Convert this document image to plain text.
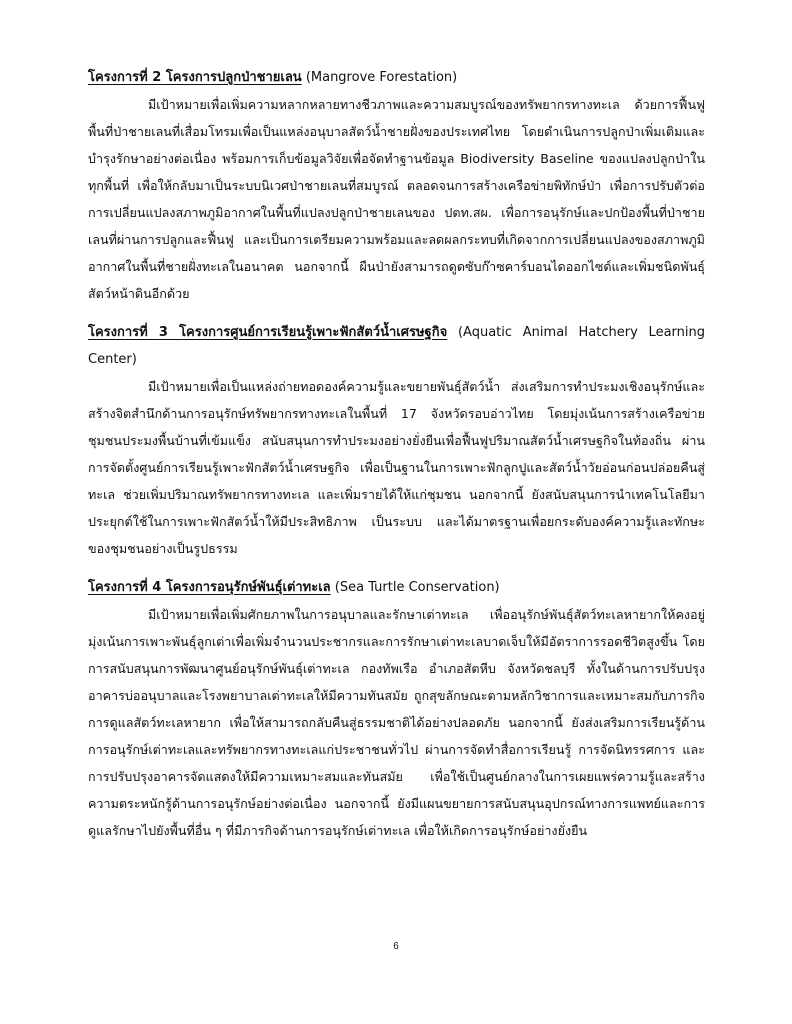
โครงการที่ 2 โครงการปลูกป่าชายเลน (Mangrove Forestation)

มีเป้าหมายเพื่อเพิ่มความหลากหลายทางชีวภาพและความสมบูรณ์ของทรัพยากรทางทะเล ด้วยการฟื้นฟูพื้นที่ป่าชายเลนที่เสื่อมโทรมเพื่อเป็นแหล่งอนุบาลสัตว์น้ำชายฝั่งของประเทศไทย โดยดำเนินการปลูกป่าเพิ่มเติมและบำรุงรักษาอย่างต่อเนื่อง พร้อมการเก็บข้อมูลวิจัยเพื่อจัดทำฐานข้อมูล Biodiversity Baseline ของแปลงปลูกป่าในทุกพื้นที่ เพื่อให้กลับมาเป็นระบบนิเวศป่าชายเลนที่สมบูรณ์ ตลอดจนการสร้างเครือข่ายพิทักษ์ป่า เพื่อการปรับตัวต่อการเปลี่ยนแปลงสภาพภูมิอากาศในพื้นที่แปลงปลูกป่าชายเลนของ ปตท.สผ. เพื่อการอนุรักษ์และปกป้องพื้นที่ป่าชายเลนที่ผ่านการปลูกและฟื้นฟู และเป็นการเตรียมความพร้อมและลดผลกระทบที่เกิดจากการเปลี่ยนแปลงของสภาพภูมิอากาศในพื้นที่ชายฝั่งทะเลในอนาคต นอกจากนี้ ผืนป่ายังสามารถดูดซับก๊าซคาร์บอนไดออกไซด์และเพิ่มชนิดพันธุ์สัตว์หน้าดินอีกด้วย

โครงการที่ 3 โครงการศูนย์การเรียนรู้เพาะฟักสัตว์น้ำเศรษฐกิจ (Aquatic Animal Hatchery Learning Center)

มีเป้าหมายเพื่อเป็นแหล่งถ่ายทอดองค์ความรู้และขยายพันธุ์สัตว์น้ำ ส่งเสริมการทำประมงเชิงอนุรักษ์และสร้างจิตสำนึกด้านการอนุรักษ์ทรัพยากรทางทะเลในพื้นที่ 17 จังหวัดรอบอ่าวไทย โดยมุ่งเน้นการสร้างเครือข่ายชุมชนประมงพื้นบ้านที่เข้มแข็ง สนับสนุนการทำประมงอย่างยั่งยืนเพื่อฟื้นฟูปริมาณสัตว์น้ำเศรษฐกิจในท้องถิ่น ผ่านการจัดตั้งศูนย์การเรียนรู้เพาะฟักสัตว์น้ำเศรษฐกิจ เพื่อเป็นฐานในการเพาะฟักลูกปูและสัตว์น้ำวัยอ่อนก่อนปล่อยคืนสู่ทะเล ช่วยเพิ่มปริมาณทรัพยากรทางทะเล และเพิ่มรายได้ให้แก่ชุมชน นอกจากนี้ ยังสนับสนุนการนำเทคโนโลยีมาประยุกต์ใช้ในการเพาะฟักสัตว์น้ำให้มีประสิทธิภาพ เป็นระบบ และได้มาตรฐานเพื่อยกระดับองค์ความรู้และทักษะของชุมชนอย่างเป็นรูปธรรม

โครงการที่ 4 โครงการอนุรักษ์พันธุ์เต่าทะเล (Sea Turtle Conservation)

มีเป้าหมายเพื่อเพิ่มศักยภาพในการอนุบาลและรักษาเต่าทะเล เพื่ออนุรักษ์พันธุ์สัตว์ทะเลหายากให้คงอยู่ มุ่งเน้นการเพาะพันธุ์ลูกเต่าเพื่อเพิ่มจำนวนประชากรและการรักษาเต่าทะเลบาดเจ็บให้มีอัตราการรอดชีวิตสูงขึ้น โดยการสนับสนุนการพัฒนาศูนย์อนุรักษ์พันธุ์เต่าทะเล กองทัพเรือ อำเภอสัตหีบ จังหวัดชลบุรี ทั้งในด้านการปรับปรุงอาคารบ่ออนุบาลและโรงพยาบาลเต่าทะเลให้มีความทันสมัย ถูกสุขลักษณะตามหลักวิชาการและเหมาะสมกับภารกิจการดูแลสัตว์ทะเลหายาก เพื่อให้สามารถกลับคืนสู่ธรรมชาติได้อย่างปลอดภัย นอกจากนี้ ยังส่งเสริมการเรียนรู้ด้านการอนุรักษ์เต่าทะเลและทรัพยากรทางทะเลแก่ประชาชนทั่วไป ผ่านการจัดทำสื่อการเรียนรู้ การจัดนิทรรศการ และการปรับปรุงอาคารจัดแสดงให้มีความเหมาะสมและทันสมัย เพื่อใช้เป็นศูนย์กลางในการเผยแพร่ความรู้และสร้างความตระหนักรู้ด้านการอนุรักษ์อย่างต่อเนื่อง นอกจากนี้ ยังมีแผนขยายการสนับสนุนอุปกรณ์ทางการแพทย์และการดูแลรักษาไปยังพื้นที่อื่น ๆ ที่มีภารกิจด้านการอนุรักษ์เต่าทะเล เพื่อให้เกิดการอนุรักษ์อย่างยั่งยืน

6
